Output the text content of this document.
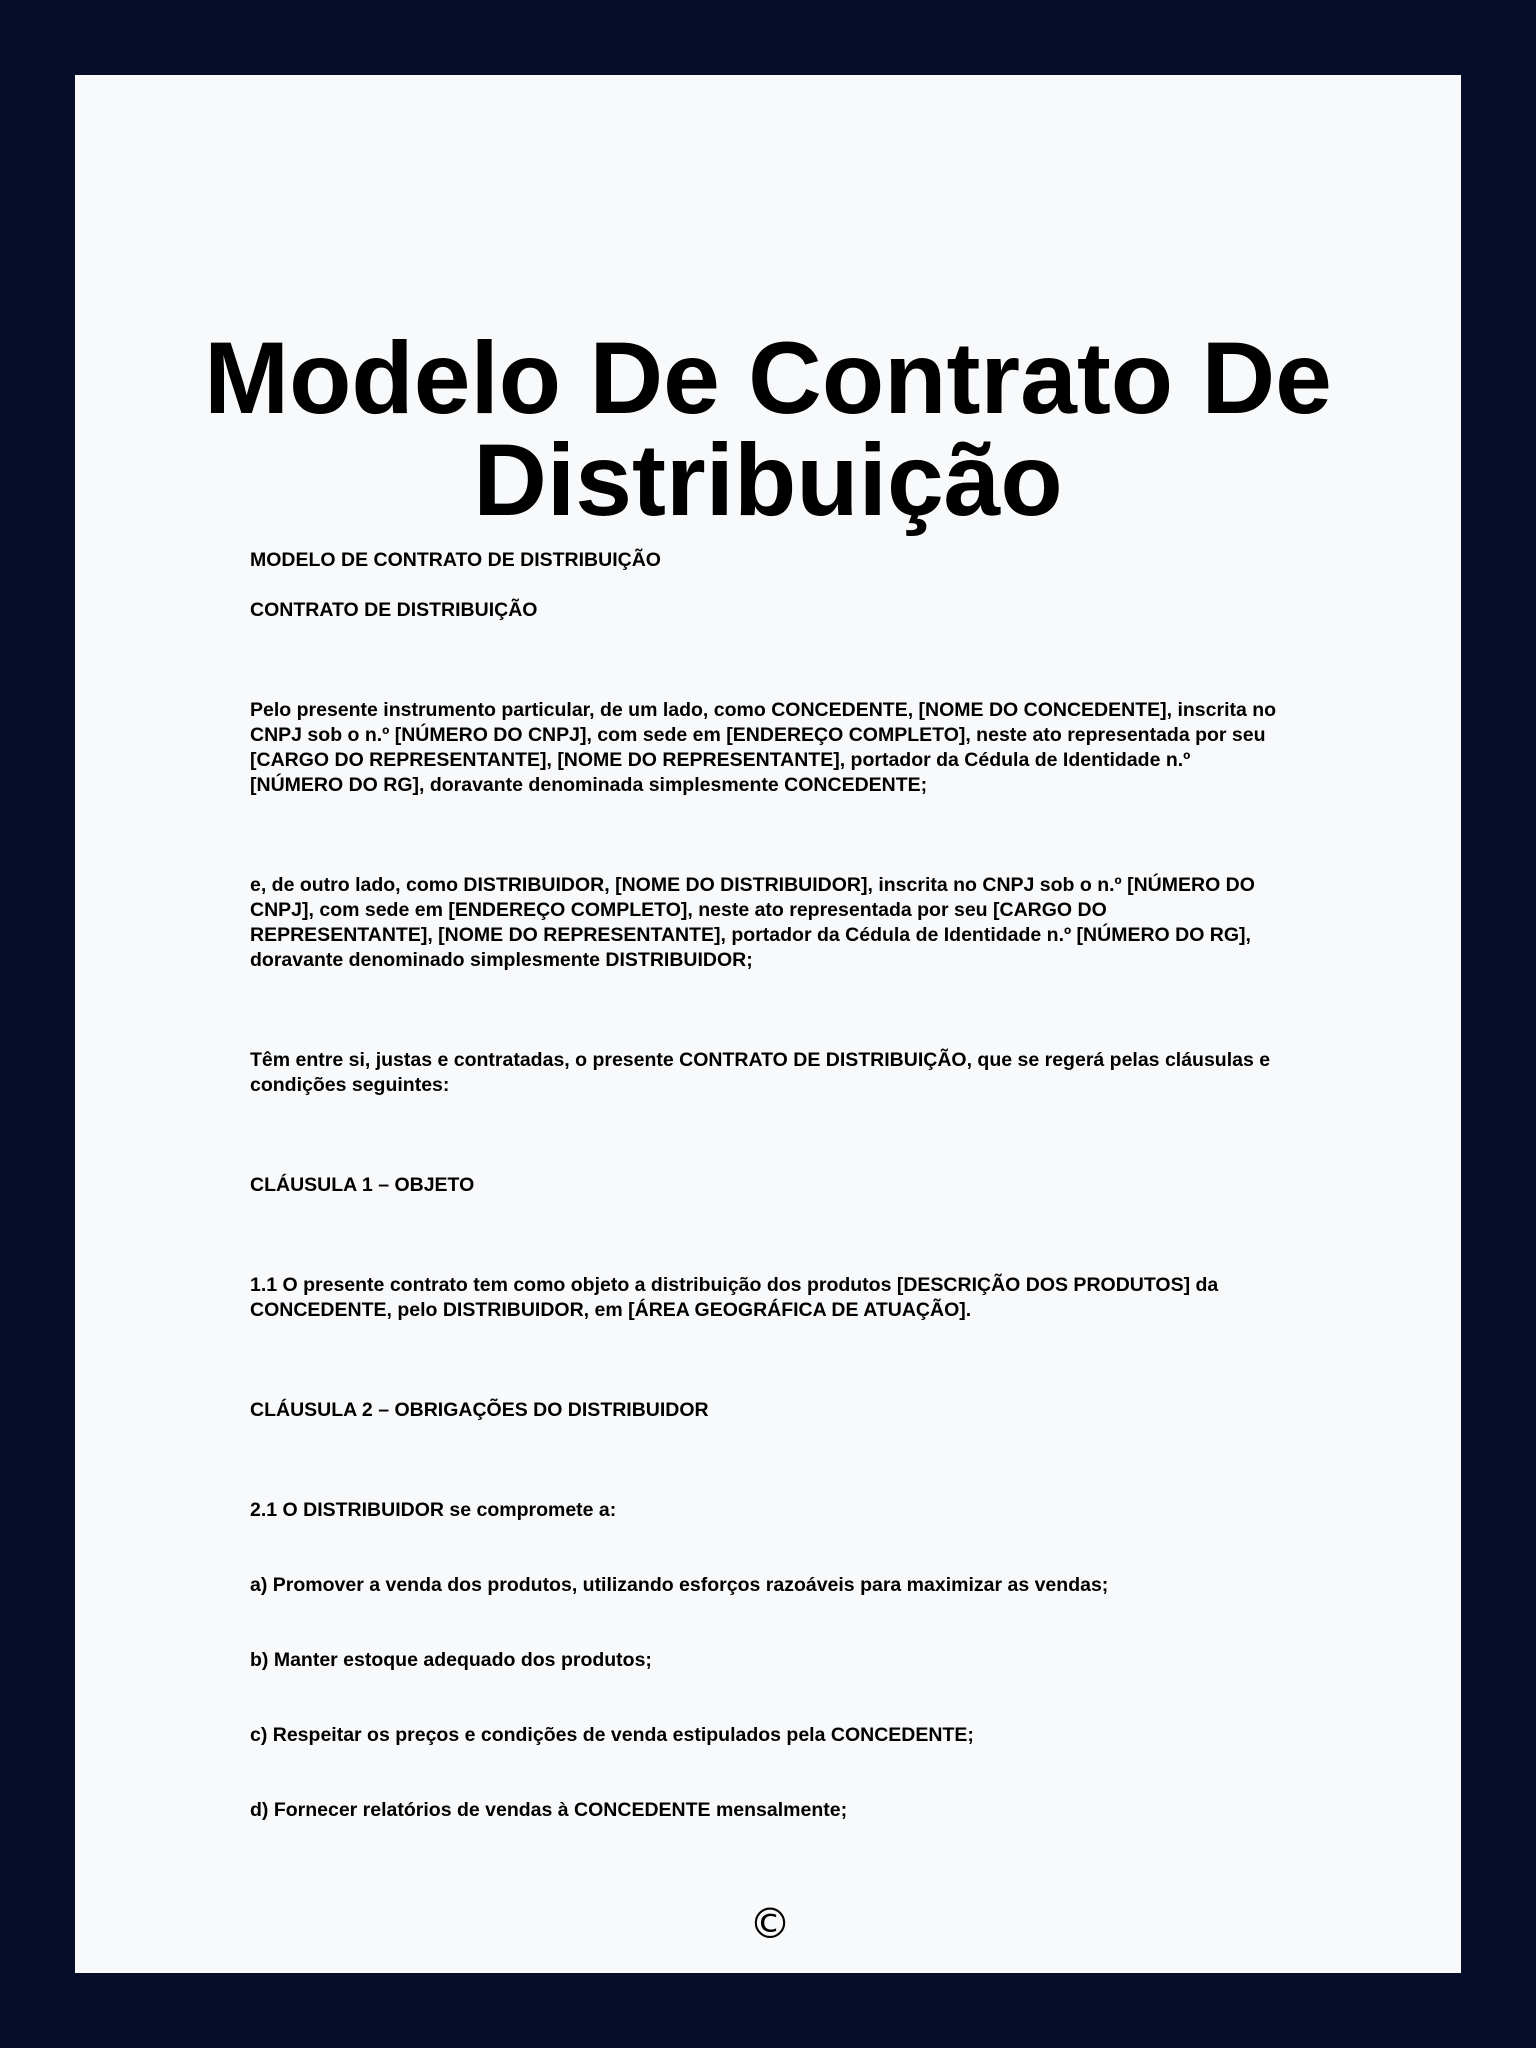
Modelo De Contrato De
Distribuição

MODELO DE CONTRATO DE DISTRIBUIÇÃO

CONTRATO DE DISTRIBUIÇÃO

Pelo presente instrumento particular, de um lado, como CONCEDENTE, [NOME DO CONCEDENTE], inscrita no CNPJ sob o n.º [NÚMERO DO CNPJ], com sede em [ENDEREÇO COMPLETO], neste ato representada por seu [CARGO DO REPRESENTANTE], [NOME DO REPRESENTANTE], portador da Cédula de Identidade n.º [NÚMERO DO RG], doravante denominada simplesmente CONCEDENTE;

e, de outro lado, como DISTRIBUIDOR, [NOME DO DISTRIBUIDOR], inscrita no CNPJ sob o n.º [NÚMERO DO CNPJ], com sede em [ENDEREÇO COMPLETO], neste ato representada por seu [CARGO DO REPRESENTANTE], [NOME DO REPRESENTANTE], portador da Cédula de Identidade n.º [NÚMERO DO RG], doravante denominado simplesmente DISTRIBUIDOR;

Têm entre si, justas e contratadas, o presente CONTRATO DE DISTRIBUIÇÃO, que se regerá pelas cláusulas e condições seguintes:

CLÁUSULA 1 – OBJETO

1.1 O presente contrato tem como objeto a distribuição dos produtos [DESCRIÇÃO DOS PRODUTOS] da CONCEDENTE, pelo DISTRIBUIDOR, em [ÁREA GEOGRÁFICA DE ATUAÇÃO].

CLÁUSULA 2 – OBRIGAÇÕES DO DISTRIBUIDOR

2.1 O DISTRIBUIDOR se compromete a:

a) Promover a venda dos produtos, utilizando esforços razoáveis para maximizar as vendas;

b) Manter estoque adequado dos produtos;

c) Respeitar os preços e condições de venda estipulados pela CONCEDENTE;

d) Fornecer relatórios de vendas à CONCEDENTE mensalmente;

©
